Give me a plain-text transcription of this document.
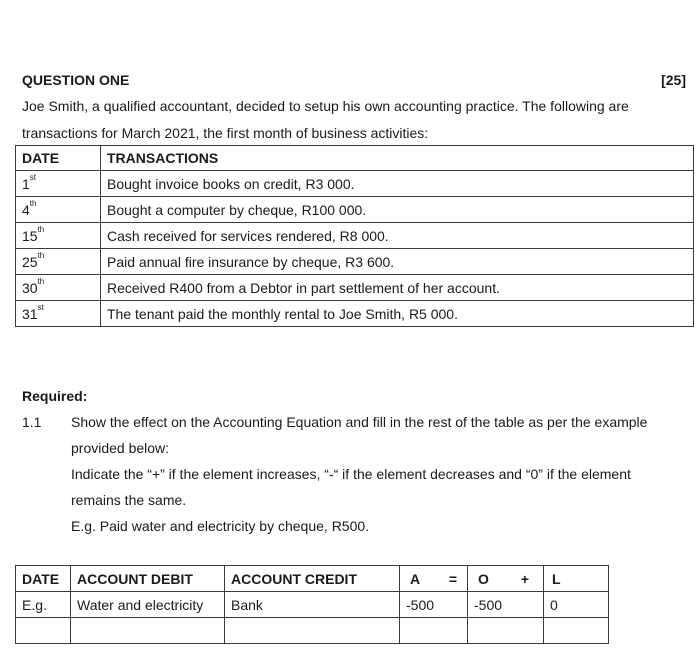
QUESTION ONE	[25]
Joe Smith, a qualified accountant, decided to setup his own accounting practice. The following are
transactions for March 2021, the first month of business activities:
DATE	TRANSACTIONS
1st	Bought invoice books on credit, R3 000.
4th	Bought a computer by cheque, R100 000.
15th	Cash received for services rendered, R8 000.
25th	Paid annual fire insurance by cheque, R3 600.
30th	Received R400 from a Debtor in part settlement of her account.
31st	The tenant paid the monthly rental to Joe Smith, R5 000.
Required:
1.1 Show the effect on the Accounting Equation and fill in the rest of the table as per the example
provided below:
Indicate the “+” if the element increases, “-“ if the element decreases and “0” if the element
remains the same.
E.g. Paid water and electricity by cheque, R500.
DATE	ACCOUNT DEBIT	ACCOUNT CREDIT	A =	O +	L
E.g.	Water and electricity	Bank	-500	-500	0
